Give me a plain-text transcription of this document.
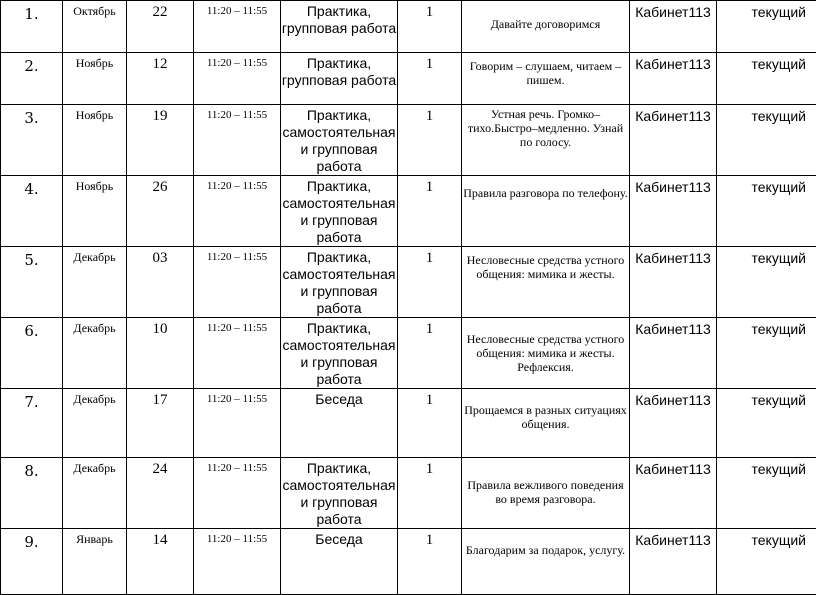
1.	Октябрь	22	11:20 – 11:55	Практика, групповая работа	1	Давайте договоримся	Кабинет113	текущий
2.	Ноябрь	12	11:20 – 11:55	Практика, групповая работа	1	Говорим – слушаем, читаем – пишем.	Кабинет113	текущий
3.	Ноябрь	19	11:20 – 11:55	Практика, самостоятельная и групповая работа	1	Устная речь. Громко–тихо.Быстро–медленно. Узнай по голосу.	Кабинет113	текущий
4.	Ноябрь	26	11:20 – 11:55	Практика, самостоятельная и групповая работа	1	Правила разговора по телефону.	Кабинет113	текущий
5.	Декабрь	03	11:20 – 11:55	Практика, самостоятельная и групповая работа	1	Несловесные средства устного общения: мимика и жесты.	Кабинет113	текущий
6.	Декабрь	10	11:20 – 11:55	Практика, самостоятельная и групповая работа	1	Несловесные средства устного общения: мимика и жесты. Рефлексия.	Кабинет113	текущий
7.	Декабрь	17	11:20 – 11:55	Беседа	1	Прощаемся в разных ситуациях общения.	Кабинет113	текущий
8.	Декабрь	24	11:20 – 11:55	Практика, самостоятельная и групповая работа	1	Правила вежливого поведения во время разговора.	Кабинет113	текущий
9.	Январь	14	11:20 – 11:55	Беседа	1	Благодарим за подарок, услугу.	Кабинет113	текущий
